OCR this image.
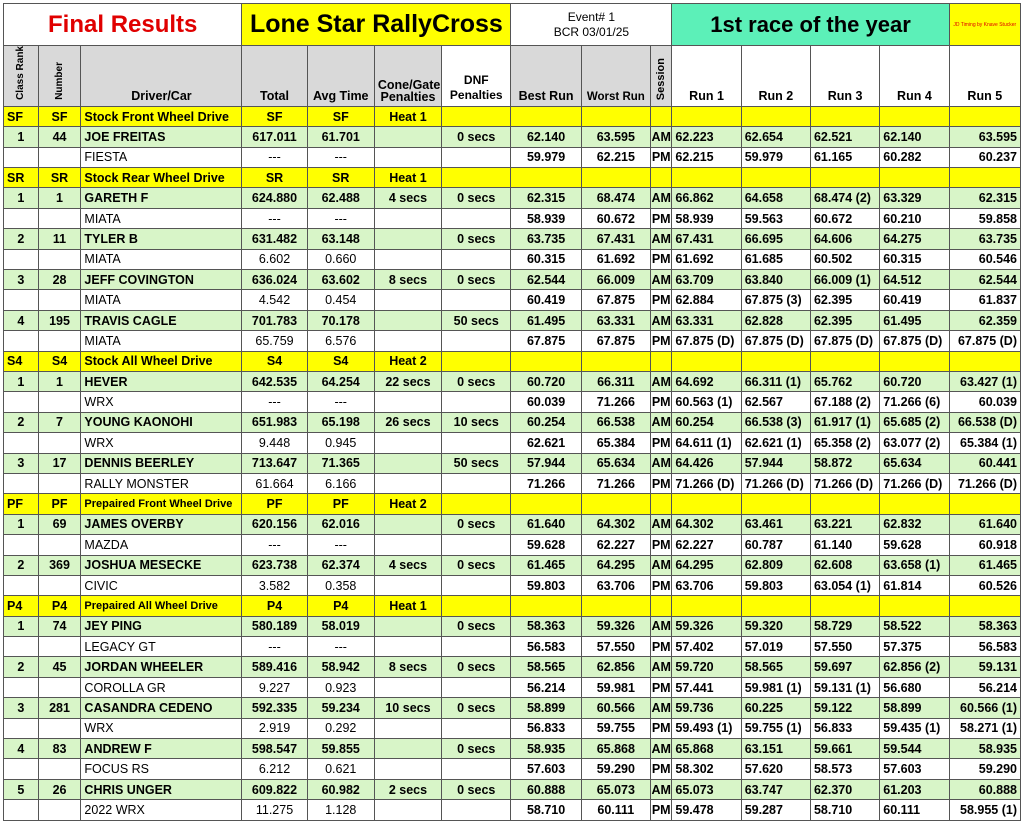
Final Results			Lone Star RallyCross				Event# 1
BCR 03/01/25			1st race of the year				JD Timing by Knave Stucker
Class Rank	Number	Driver/Car	Total	Avg Time	Cone/Gate Penalties	DNF Penalties	Best Run	Worst Run	Session	Run 1	Run 2	Run 3	Run 4	Run 5
SF	SF	Stock Front Wheel Drive	SF	SF	Heat 1									
1	44	JOE FREITAS	617.011	61.701		0 secs	62.140	63.595	AM	62.223	62.654	62.521	62.140	63.595
		FIESTA	---	---			59.979	62.215	PM	62.215	59.979	61.165	60.282	60.237
SR	SR	Stock Rear Wheel Drive	SR	SR	Heat 1									
1	1	GARETH F	624.880	62.488	4 secs	0 secs	62.315	68.474	AM	66.862	64.658	68.474 (2)	63.329	62.315
		MIATA	---	---			58.939	60.672	PM	58.939	59.563	60.672	60.210	59.858
2	11	TYLER B	631.482	63.148		0 secs	63.735	67.431	AM	67.431	66.695	64.606	64.275	63.735
		MIATA	6.602	0.660			60.315	61.692	PM	61.692	61.685	60.502	60.315	60.546
3	28	JEFF COVINGTON	636.024	63.602	8 secs	0 secs	62.544	66.009	AM	63.709	63.840	66.009 (1)	64.512	62.544
		MIATA	4.542	0.454			60.419	67.875	PM	62.884	67.875 (3)	62.395	60.419	61.837
4	195	TRAVIS CAGLE	701.783	70.178		50 secs	61.495	63.331	AM	63.331	62.828	62.395	61.495	62.359
		MIATA	65.759	6.576			67.875	67.875	PM	67.875 (D)	67.875 (D)	67.875 (D)	67.875 (D)	67.875 (D)
S4	S4	Stock All Wheel Drive	S4	S4	Heat 2									
1	1	HEVER	642.535	64.254	22 secs	0 secs	60.720	66.311	AM	64.692	66.311 (1)	65.762	60.720	63.427 (1)
		WRX	---	---			60.039	71.266	PM	60.563 (1)	62.567	67.188 (2)	71.266 (6)	60.039
2	7	YOUNG KAONOHI	651.983	65.198	26 secs	10 secs	60.254	66.538	AM	60.254	66.538 (3)	61.917 (1)	65.685 (2)	66.538 (D)
		WRX	9.448	0.945			62.621	65.384	PM	64.611 (1)	62.621 (1)	65.358 (2)	63.077 (2)	65.384 (1)
3	17	DENNIS BEERLEY	713.647	71.365		50 secs	57.944	65.634	AM	64.426	57.944	58.872	65.634	60.441
		RALLY MONSTER	61.664	6.166			71.266	71.266	PM	71.266 (D)	71.266 (D)	71.266 (D)	71.266 (D)	71.266 (D)
PF	PF	Prepaired Front Wheel Drive	PF	PF	Heat 2									
1	69	JAMES OVERBY	620.156	62.016		0 secs	61.640	64.302	AM	64.302	63.461	63.221	62.832	61.640
		MAZDA	---	---			59.628	62.227	PM	62.227	60.787	61.140	59.628	60.918
2	369	JOSHUA MESECKE	623.738	62.374	4 secs	0 secs	61.465	64.295	AM	64.295	62.809	62.608	63.658 (1)	61.465
		CIVIC	3.582	0.358			59.803	63.706	PM	63.706	59.803	63.054 (1)	61.814	60.526
P4	P4	Prepaired All Wheel Drive	P4	P4	Heat 1									
1	74	JEY PING	580.189	58.019		0 secs	58.363	59.326	AM	59.326	59.320	58.729	58.522	58.363
		LEGACY GT	---	---			56.583	57.550	PM	57.402	57.019	57.550	57.375	56.583
2	45	JORDAN WHEELER	589.416	58.942	8 secs	0 secs	58.565	62.856	AM	59.720	58.565	59.697	62.856 (2)	59.131
		COROLLA GR	9.227	0.923			56.214	59.981	PM	57.441	59.981 (1)	59.131 (1)	56.680	56.214
3	281	CASANDRA CEDENO	592.335	59.234	10 secs	0 secs	58.899	60.566	AM	59.736	60.225	59.122	58.899	60.566 (1)
		WRX	2.919	0.292			56.833	59.755	PM	59.493 (1)	59.755 (1)	56.833	59.435 (1)	58.271 (1)
4	83	ANDREW F	598.547	59.855		0 secs	58.935	65.868	AM	65.868	63.151	59.661	59.544	58.935
		FOCUS RS	6.212	0.621			57.603	59.290	PM	58.302	57.620	58.573	57.603	59.290
5	26	CHRIS UNGER	609.822	60.982	2 secs	0 secs	60.888	65.073	AM	65.073	63.747	62.370	61.203	60.888
		2022 WRX	11.275	1.128			58.710	60.111	PM	59.478	59.287	58.710	60.111	58.955 (1)
